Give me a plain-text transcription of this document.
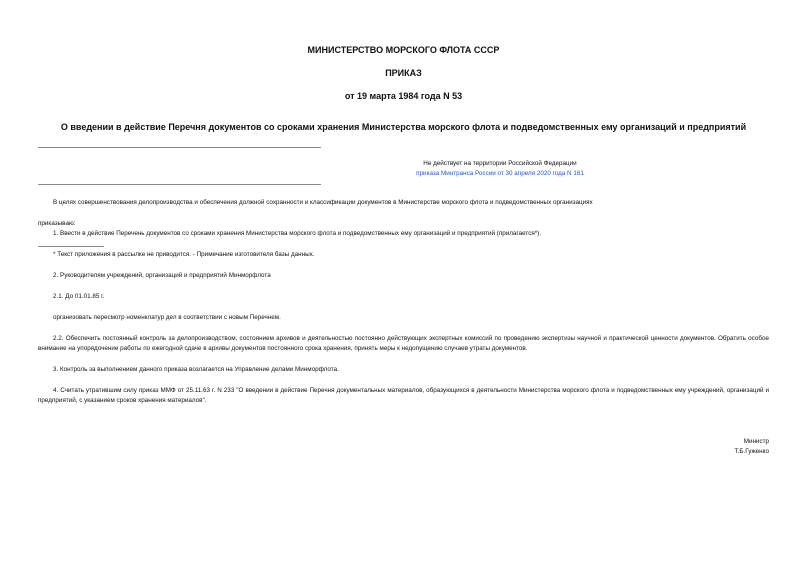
МИНИСТЕРСТВО МОРСКОГО ФЛОТА СССР
ПРИКАЗ
от 19 марта 1984 года N 53
О введении в действие Перечня документов со сроками хранения Министерства морского флота и подведомственных ему организаций и предприятий
Не действует на территории Российской Федерации
приказа Минтранса России от 30 апреля 2020 года N 161
В целях совершенствования делопроизводства и обеспечения должной сохранности и классификации документов в Министерстве морского флота и подведомственных организациях
приказываю:
1. Ввести в действие Перечень документов со сроками хранения Министерства морского флота и подведомственных ему организаций и предприятий (прилагается*).
* Текст приложения в рассылке не приводится. - Примечание изготовителя базы данных.
2. Руководителям учреждений, организаций и предприятий Минморфлота
2.1. До 01.01.85 г.
организовать пересмотр номенклатур дел в соответствии с новым Перечнем.
2.2. Обеспечить постоянный контроль за делопроизводством, состоянием архивов и деятельностью постоянно действующих экспертных комиссий по проведению экспертизы научной и практической ценности документов. Обратить особое внимание на упорядочение работы по ежегодной сдаче в архивы документов постоянного срока хранения, принять меры к недопущению случаев утраты документов.
3. Контроль за выполнением данного приказа возлагается на Управление делами Минморфлота.
4. Считать утратившим силу приказ ММФ от 25.11.63 г. N 233 "О введении в действие Перечня документальных материалов, образующихся в деятельности Министерства морского флота и подведомственных ему учреждений, организаций и предприятий, с указанием сроков хранения материалов".
Министр
Т.Б.Гуженко
